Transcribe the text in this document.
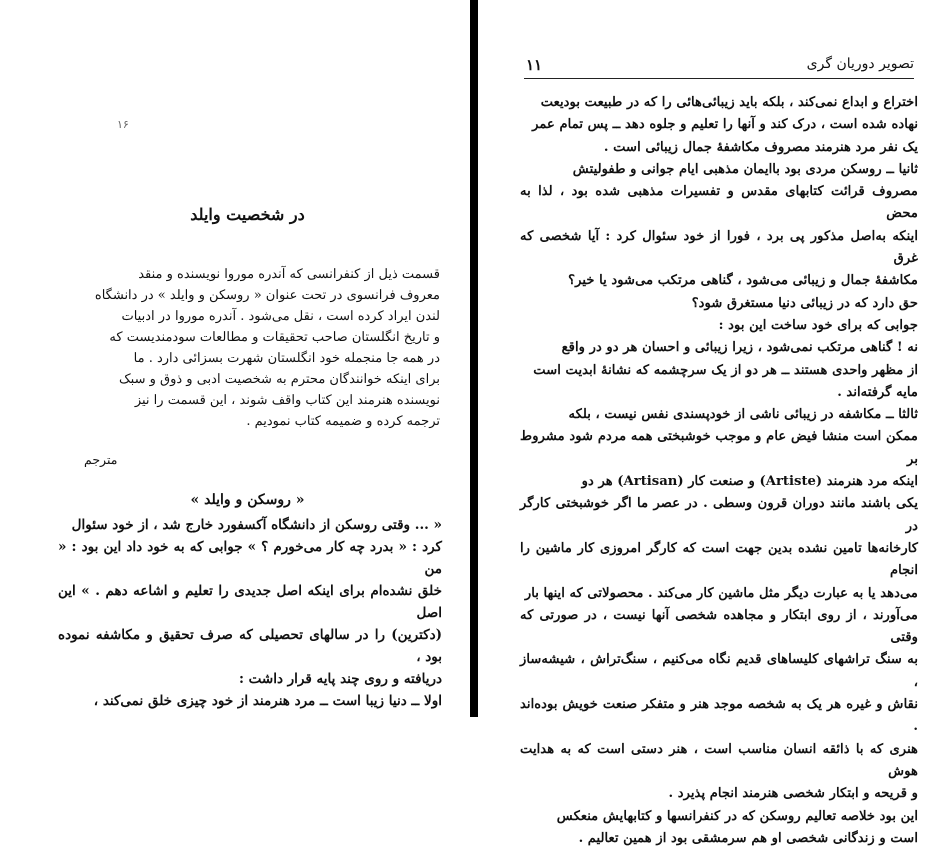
۱۶
در شخصیت وایلد
قسمت ذیل از کنفرانسی که آندره موروا نویسنده و منقد
معروف فرانسوی در تحت عنوان « روسکن و وایلد » در دانشگاه
لندن ایراد کرده است ، نقل می‌شود . آندره موروا در ادبیات
و تاریخ انگلستان صاحب تحقیقات و مطالعات سودمندیست که
در همه جا منجمله خود انگلستان شهرت بسزائی دارد . ما
برای اینکه خوانندگان محترم به شخصیت ادبی و ذوق و سبک
نویسنده هنرمند این کتاب واقف شوند ، این قسمت را نیز
ترجمه کرده و ضمیمه کتاب نمودیم .
مترجم
« روسکن و وایلد »
« ... وقتی روسکن از دانشگاه آکسفورد خارج شد ، از خود سئوال
کرد : « بدرد چه کار می‌خورم ؟ » جوابی که به خود داد این بود : « من
خلق نشده‌ام برای اینکه اصل جدیدی را تعلیم و اشاعه دهم . » این اصل
(دکترین) را در سالهای تحصیلی که صرف تحقیق و مکاشفه نموده بود ،
دریافته و روی چند پایه قرار داشت :
اولا ــ دنیا زیبا است ــ مرد هنرمند از خود چیزی خلق نمی‌کند ،
۱۱	تصویر دوریان گری

اختراع و ابداع نمی‌کند ، بلکه باید زیبائی‌هائی را که در طبیعت بودیعت
نهاده شده است ، درک کند و آنها را تعلیم و جلوه دهد ــ پس تمام عمر
یک نفر مرد هنرمند مصروف مکاشفهٔ جمال زیبائی است .

ثانیا ــ روسکن مردی بود باایمان مذهبی ایام جوانی و طفولیتش
مصروف قرائت کتابهای مقدس و تفسیرات مذهبی شده بود ، لذا به محض
اینکه به‌اصل مذکور پی برد ، فورا از خود سئوال کرد : آیا شخصی که غرق
مکاشفهٔ جمال و زیبائی می‌شود ، گناهی مرتکب می‌شود یا خیر؟
حق دارد که در زیبائی دنیا مستغرق شود؟
جوابی که برای خود ساخت این بود :
نه ! گناهی مرتکب نمی‌شود ، زیرا زیبائی و احسان هر دو در واقع
از مظهر واحدی هستند ــ هر دو از یک سرچشمه که نشانهٔ ابدیت است
مایه گرفته‌اند .

ثالثا ــ مکاشفه در زیبائی ناشی از خودپسندی نفس نیست ، بلکه
ممکن است منشا فیض عام و موجب خوشبختی همه مردم شود مشروط بر
اینکه مرد هنرمند (Artiste) و صنعت کار (Artisan) هر دو
یکی باشند مانند دوران قرون وسطی . در عصر ما اگر خوشبختی کارگر در
کارخانه‌ها تامین نشده بدین جهت است که کارگر امروزی کار ماشین را انجام
می‌دهد یا به عبارت دیگر مثل ماشین کار می‌کند . محصولاتی که اینها بار
می‌آورند ، از روی ابتکار و مجاهده شخصی آنها نیست ، در صورتی که وقتی
به سنگ تراشهای کلیساهای قدیم نگاه می‌کنیم ، سنگ‌تراش ، شیشه‌ساز ،
نقاش و غیره هر یک به شخصه موجد هنر و متفکر صنعت خویش بوده‌اند .
هنری که با ذائقه انسان مناسب است ، هنر دستی است که به هدایت هوش
و قریحه و ابتکار شخصی هنرمند انجام پذیرد .

این بود خلاصه تعالیم روسکن که در کنفرانسها و کتابهایش منعکس
است و زندگانی شخصی او هم سرمشقی بود از همین تعالیم .
